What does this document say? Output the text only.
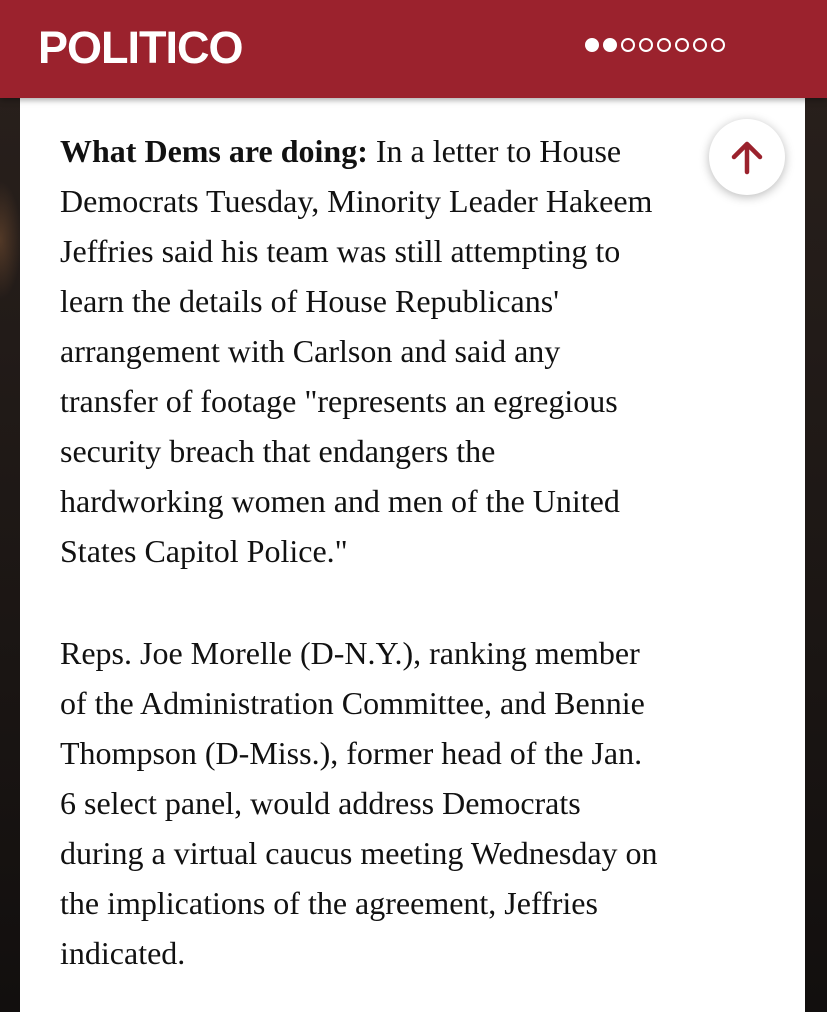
POLITICO
What Dems are doing: In a letter to House
Democrats Tuesday, Minority Leader Hakeem
Jeffries said his team was still attempting to
learn the details of House Republicans'
arrangement with Carlson and said any
transfer of footage "represents an egregious
security breach that endangers the
hardworking women and men of the United
States Capitol Police."
Reps. Joe Morelle (D-N.Y.), ranking member
of the Administration Committee, and Bennie
Thompson (D-Miss.), former head of the Jan.
6 select panel, would address Democrats
during a virtual caucus meeting Wednesday on
the implications of the agreement, Jeffries
indicated.
